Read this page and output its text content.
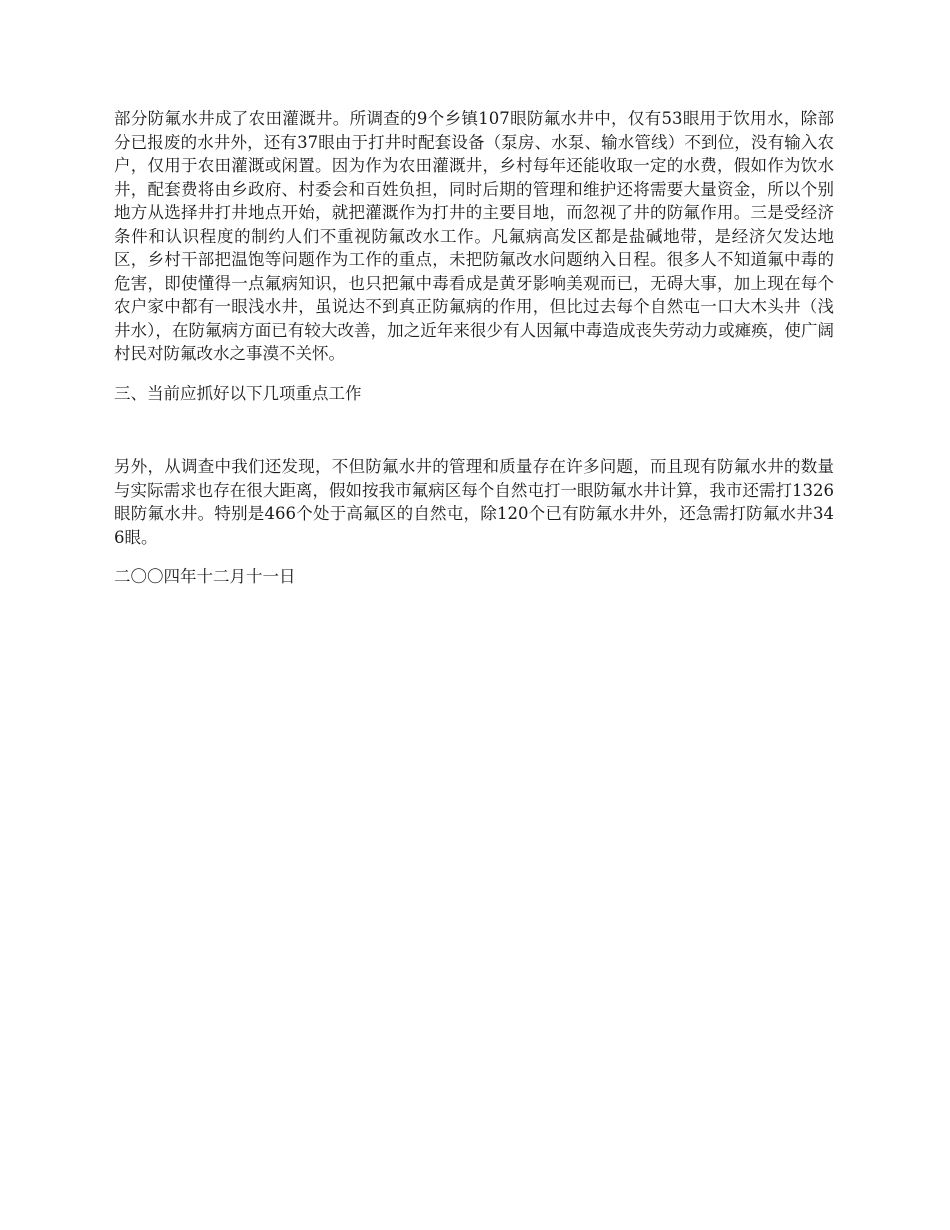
部分防氟水井成了农田灌溉井。所调查的9个乡镇107眼防氟水井中，仅有53眼用于饮用水，除部分已报废的水井外，还有37眼由于打井时配套设备（泵房、水泵、输水管线）不到位，没有输入农户，仅用于农田灌溉或闲置。因为作为农田灌溉井，乡村每年还能收取一定的水费，假如作为饮水井，配套费将由乡政府、村委会和百姓负担，同时后期的管理和维护还将需要大量资金，所以个别地方从选择井打井地点开始，就把灌溉作为打井的主要目地，而忽视了井的防氟作用。三是受经济条件和认识程度的制约人们不重视防氟改水工作。凡氟病高发区都是盐碱地带，是经济欠发达地区，乡村干部把温饱等问题作为工作的重点，未把防氟改水问题纳入日程。很多人不知道氟中毒的危害，即使懂得一点氟病知识，也只把氟中毒看成是黄牙影响美观而已，无碍大事，加上现在每个农户家中都有一眼浅水井，虽说达不到真正防氟病的作用，但比过去每个自然屯一口大木头井（浅井水），在防氟病方面已有较大改善，加之近年来很少有人因氟中毒造成丧失劳动力或瘫痪，使广阔村民对防氟改水之事漠不关怀。

三、当前应抓好以下几项重点工作

另外，从调查中我们还发现，不但防氟水井的管理和质量存在许多问题，而且现有防氟水井的数量与实际需求也存在很大距离，假如按我市氟病区每个自然屯打一眼防氟水井计算，我市还需打1326眼防氟水井。特别是466个处于高氟区的自然屯，除120个已有防氟水井外，还急需打防氟水井346眼。

二〇〇四年十二月十一日
